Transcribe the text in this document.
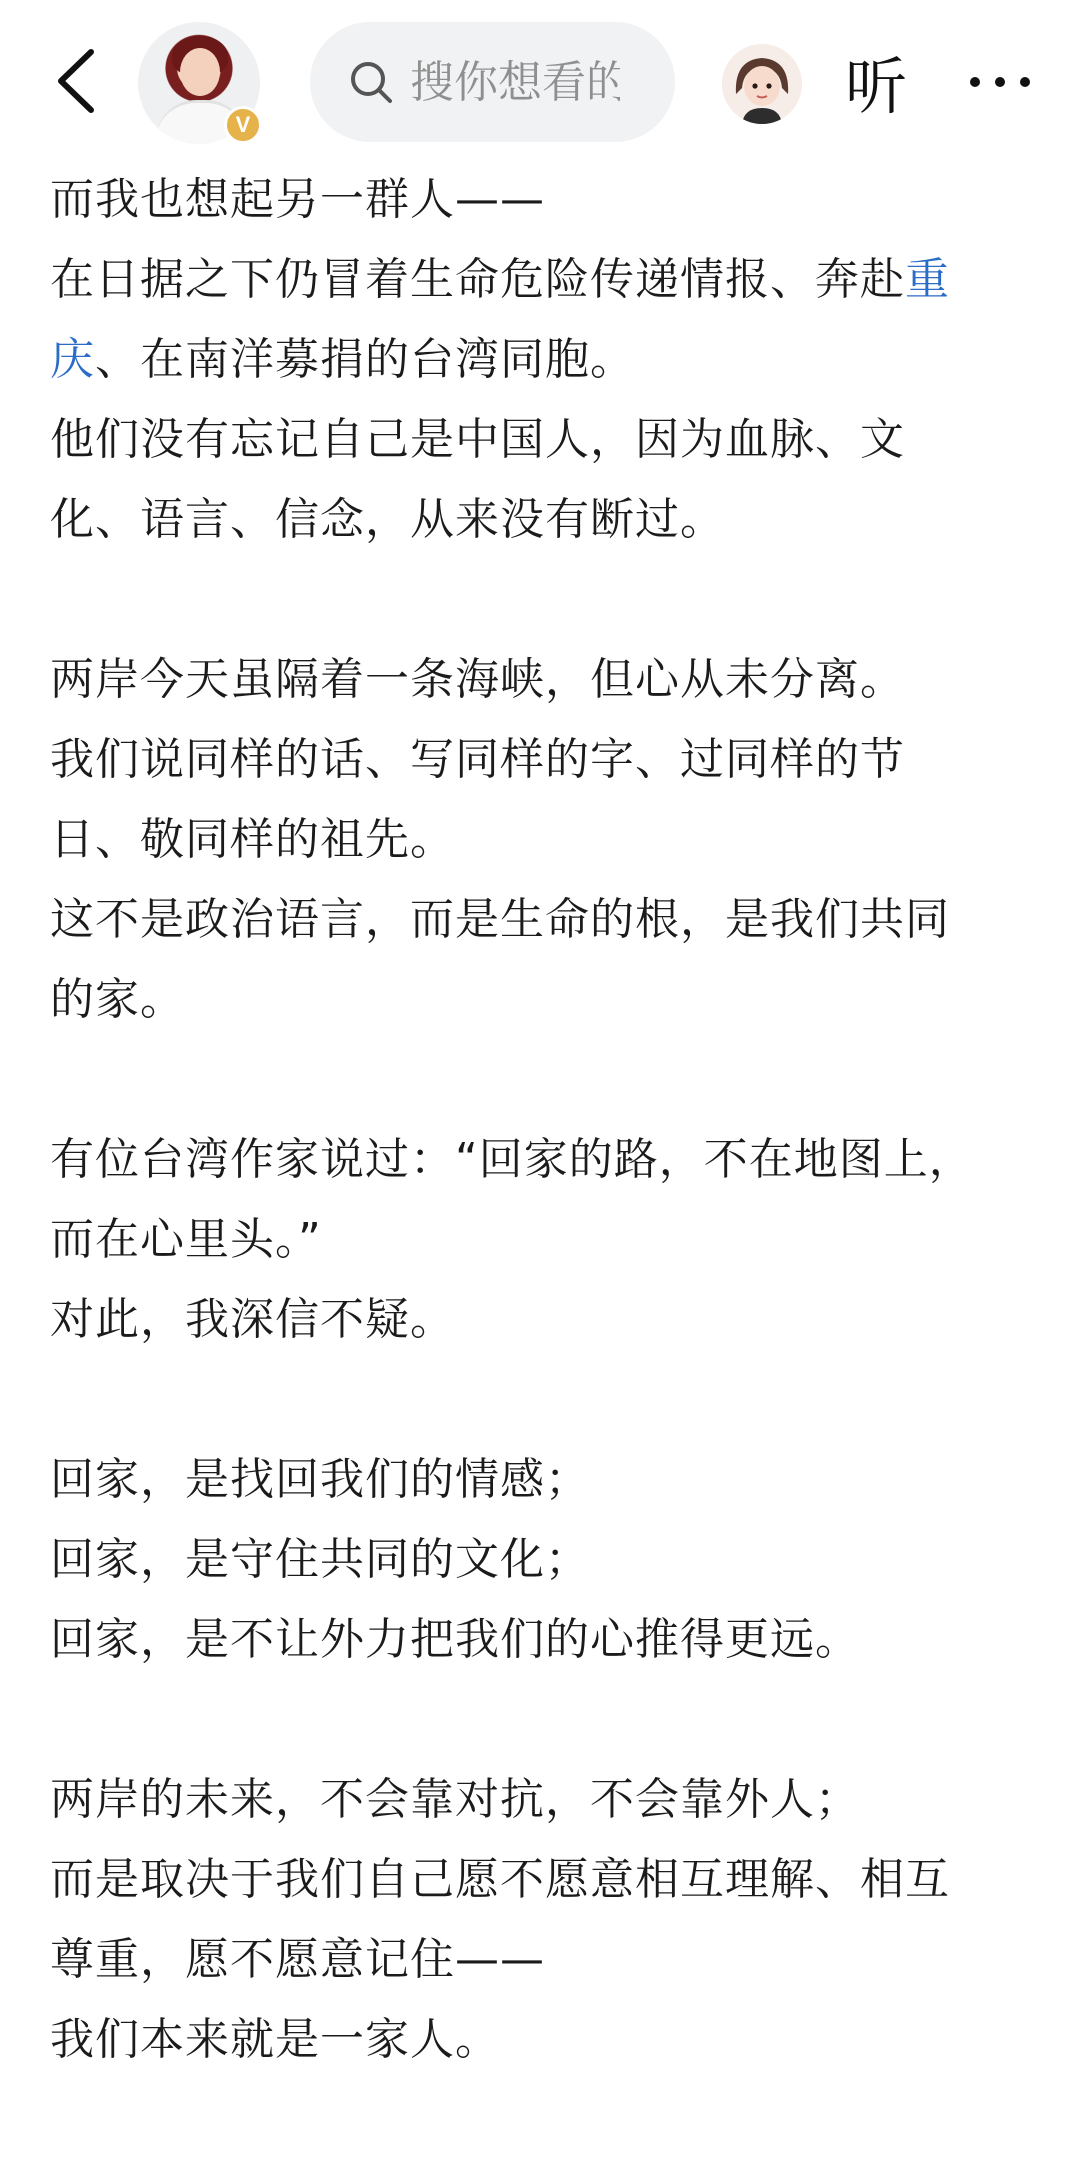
V
搜你想看的
听
而我也想起另一群人——
在日据之下仍冒着生命危险传递情报、奔赴重
庆、在南洋募捐的台湾同胞。
他们没有忘记自己是中国人，因为血脉、文
化、语言、信念，从来没有断过。
两岸今天虽隔着一条海峡，但心从未分离。
我们说同样的话、写同样的字、过同样的节
日、敬同样的祖先。
这不是政治语言，而是生命的根，是我们共同
的家。
有位台湾作家说过：“回家的路，不在地图上，
而在心里头。”
对此，我深信不疑。
回家，是找回我们的情感；
回家，是守住共同的文化；
回家，是不让外力把我们的心推得更远。
两岸的未来，不会靠对抗，不会靠外人；
而是取决于我们自己愿不愿意相互理解、相互
尊重，愿不愿意记住——
我们本来就是一家人。
